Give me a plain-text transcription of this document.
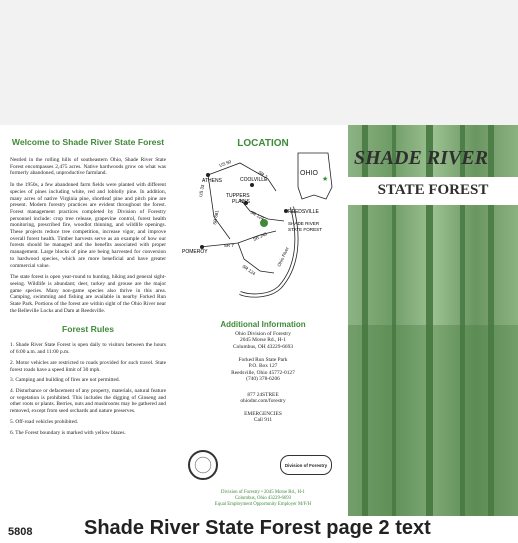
Welcome to Shade River State Forest

Nestled in the rolling hills of southeastern Ohio, Shade River State Forest encompasses 2,475 acres. Native hardwoods grow on what was formerly abandoned, unproductive farmland.

In the 1950s, a few abandoned farm fields were planted with different species of pines including white, red and loblolly pine. In addition, many acres of native Virginia pine, shortleaf pine and pitch pine are present. Modern forestry practices are evident throughout the forest. Forest management practices completed by Division of Forestry personnel include: crop tree release, grapevine control, forest health monitoring, prescribed fire, woodlot thinning, and wildlife openings. These projects reduce tree competition, increase vigor, and improve overall forest health. Timber harvests serve as an example of how our forests should be managed and the benefits associated with proper management. Large blocks of pine are being harvested for conversion to hardwood species, which are more beneficial and have greater commercial value.

The state forest is open year-round to hunting, hiking and general sight-seeing. Wildlife is abundant; deer, turkey and grouse are the major game species. Many non-game species also thrive in this area. Camping, swimming and fishing are available in nearby Forked Run State Park. Portions of the forest are within sight of the Ohio River near the Belleville Locks and Dam at Reedsville.

Forest Rules
1. Shade River State Forest is open daily to visitors between the hours of 6:00 a.m. and 11:00 p.m.
2. Motor vehicles are restricted to roads provided for such travel. State forest roads have a speed limit of 30 mph.
3. Camping and building of fires are not permitted.
4. Disturbance or defacement of any property, materials, natural feature or vegetation is prohibited. This includes the digging of Ginseng and other roots or plants. Berries, nuts and mushrooms may be gathered and removed, except from seed orchards and nature preserves.
5. Off-road vehicles prohibited.
6. The Forest boundary is marked with yellow blazes.
LOCATION
OHIO
★
Ohio River
ATHENS	COOLVILLE
TUPPERS
PLAINS
REEDSVILLE
SHADE RIVER
STATE FOREST
POMEROY
US 50
US 33
SR 7
SR 681	SR 124
SR 248
SR 7
SR 124
Additional Information
Ohio Division of Forestry
2045 Morse Rd., H-1
Columbus, OH 43229-6693
Forked Run State Park
P.O. Box 127
Reedsville, Ohio 45772-0127
(740) 378-6206
877 24STREE
ohiodnr.com/forestry
EMERGENCIES
Call 911
Division of Forestry
Division of Forestry • 2045 Morse Rd., H-1
Columbus, Ohio 43229-6693
Equal Employment Opportunity Employer M/F/H
SHADE RIVER
STATE FOREST
5808	Shade River State Forest page 2 text
